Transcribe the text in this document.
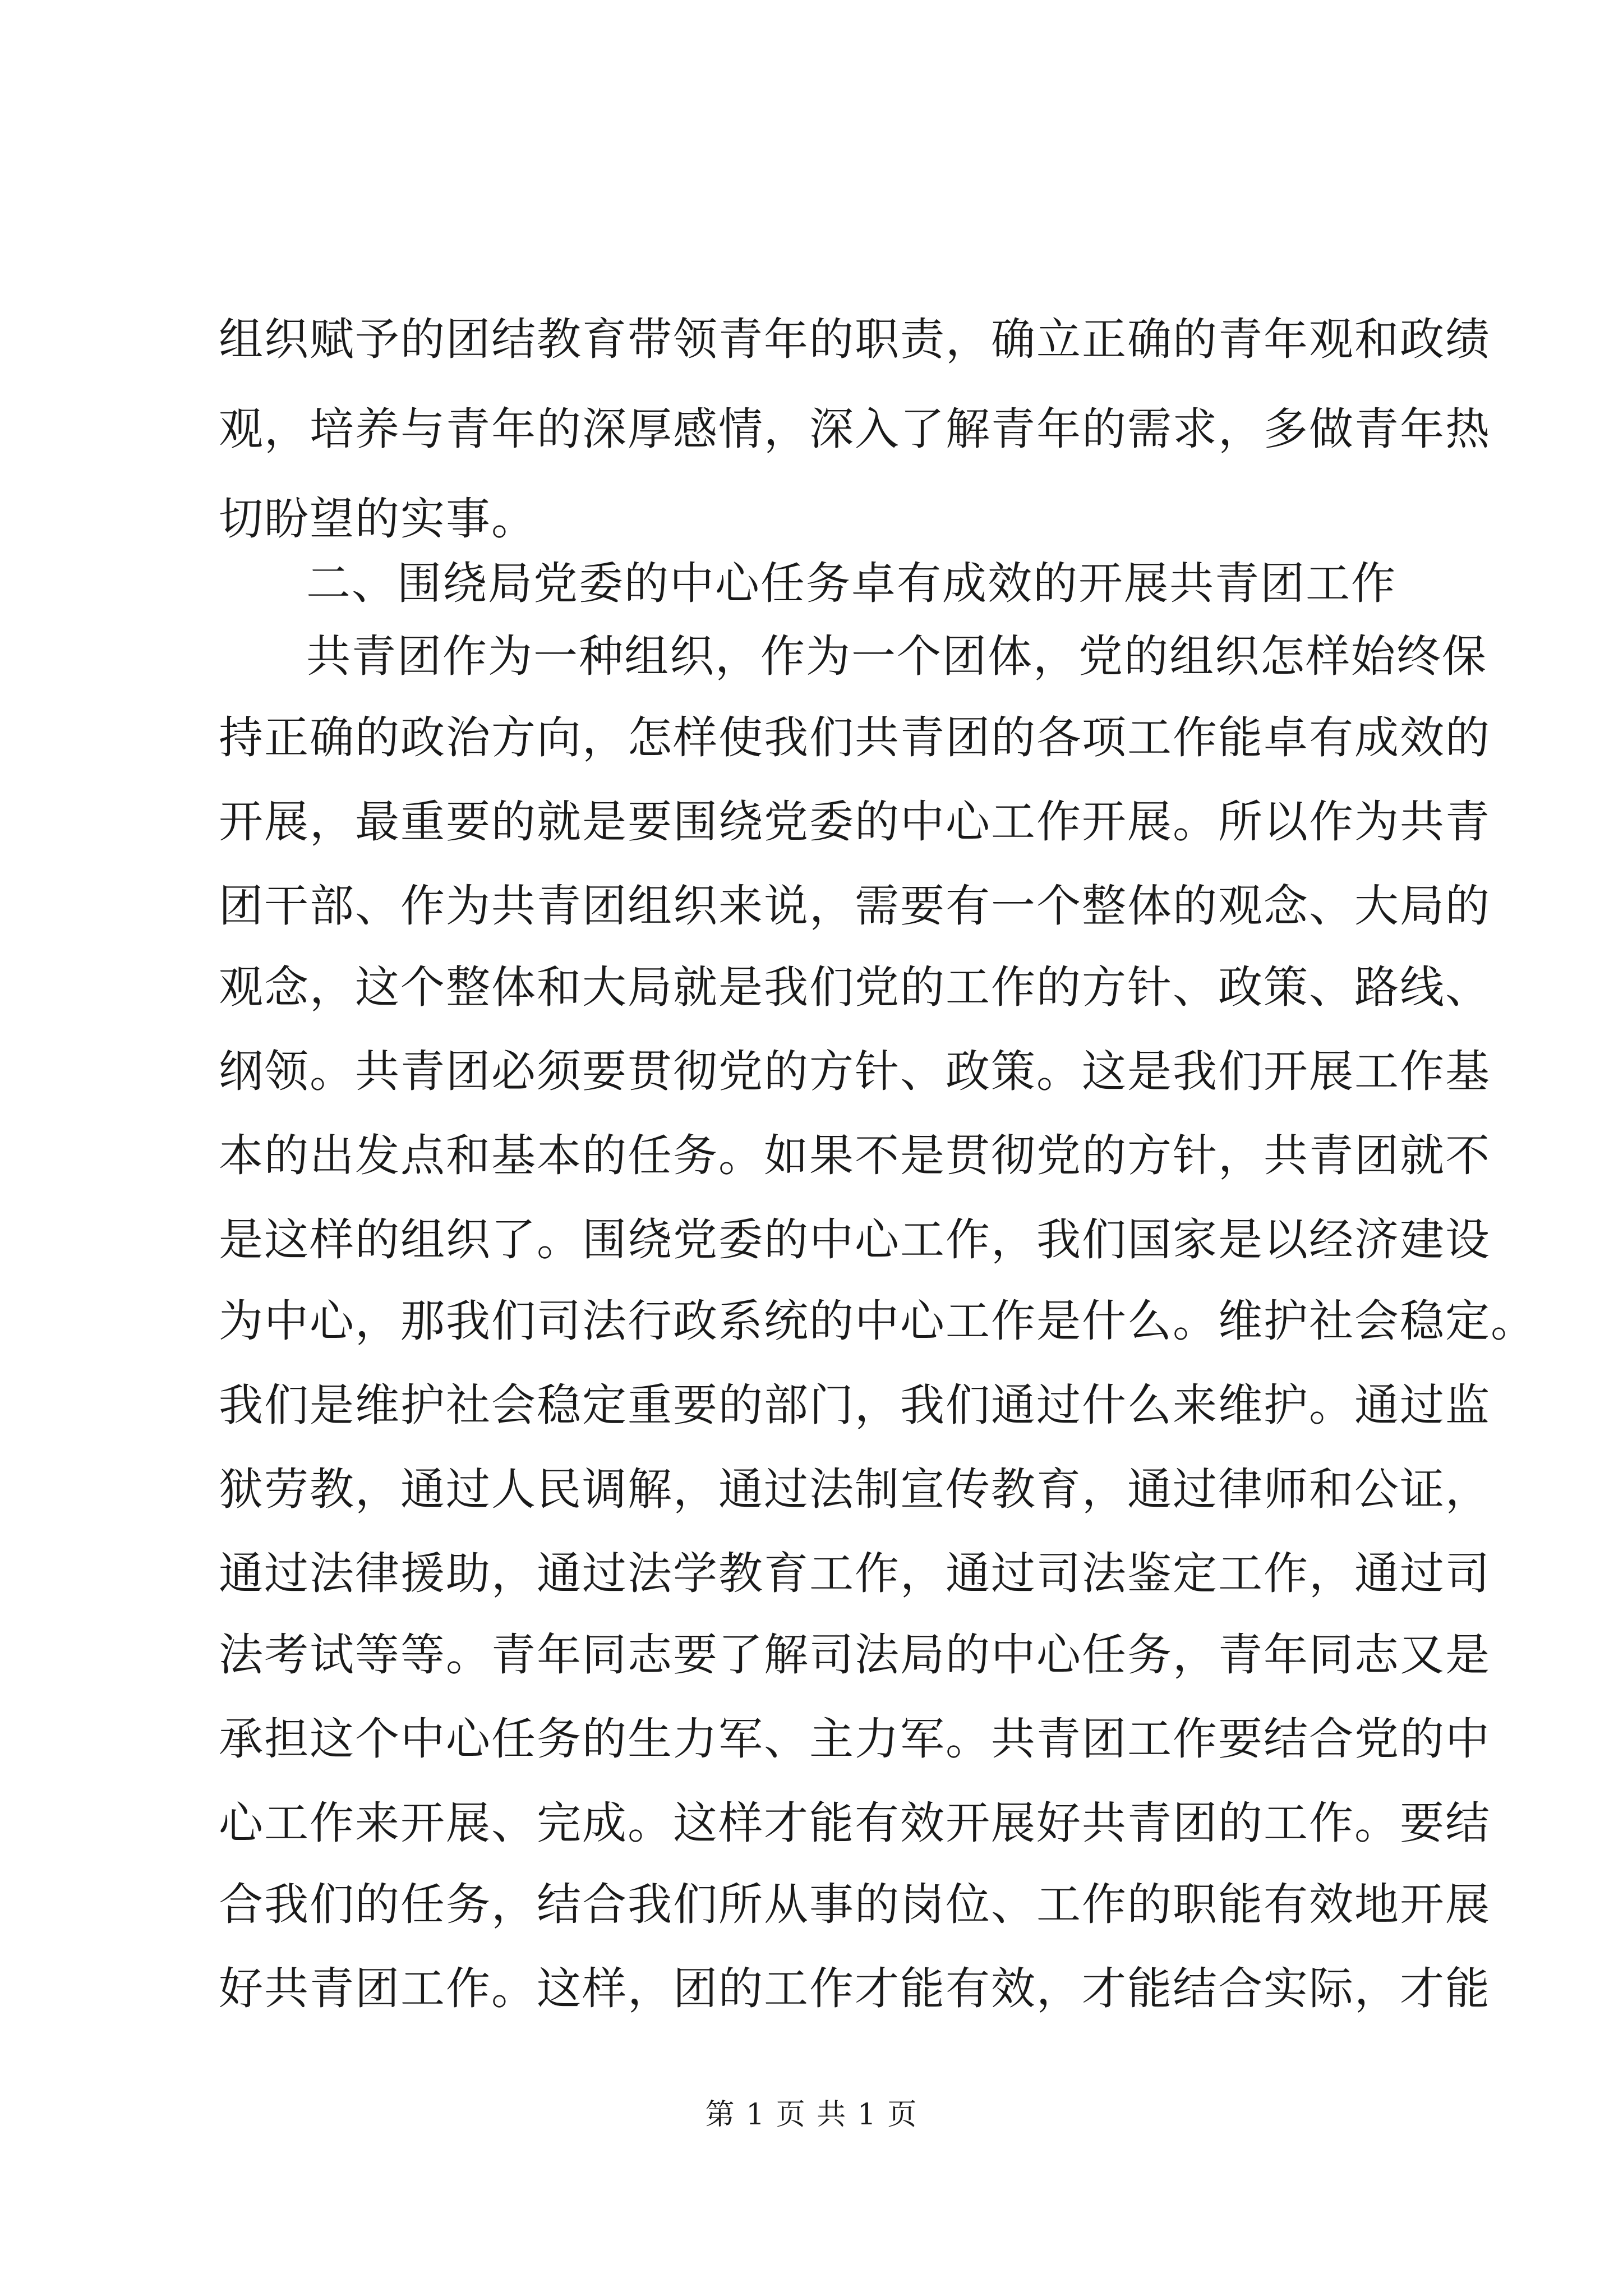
组织赋予的团结教育带领青年的职责，确立正确的青年观和政绩
观，培养与青年的深厚感情，深入了解青年的需求，多做青年热
切盼望的实事。
二、围绕局党委的中心任务卓有成效的开展共青团工作
共青团作为一种组织，作为一个团体，党的组织怎样始终保
持正确的政治方向，怎样使我们共青团的各项工作能卓有成效的
开展，最重要的就是要围绕党委的中心工作开展。所以作为共青
团干部、作为共青团组织来说，需要有一个整体的观念、大局的
观念，这个整体和大局就是我们党的工作的方针、政策、路线、
纲领。共青团必须要贯彻党的方针、政策。这是我们开展工作基
本的出发点和基本的任务。如果不是贯彻党的方针，共青团就不
是这样的组织了。围绕党委的中心工作，我们国家是以经济建设
为中心，那我们司法行政系统的中心工作是什么。维护社会稳定。
我们是维护社会稳定重要的部门，我们通过什么来维护。通过监
狱劳教，通过人民调解，通过法制宣传教育，通过律师和公证，
通过法律援助，通过法学教育工作，通过司法鉴定工作，通过司
法考试等等。青年同志要了解司法局的中心任务，青年同志又是
承担这个中心任务的生力军、主力军。共青团工作要结合党的中
心工作来开展、完成。这样才能有效开展好共青团的工作。要结
合我们的任务，结合我们所从事的岗位、工作的职能有效地开展
好共青团工作。这样，团的工作才能有效，才能结合实际，才能
第 1 页 共 1 页
